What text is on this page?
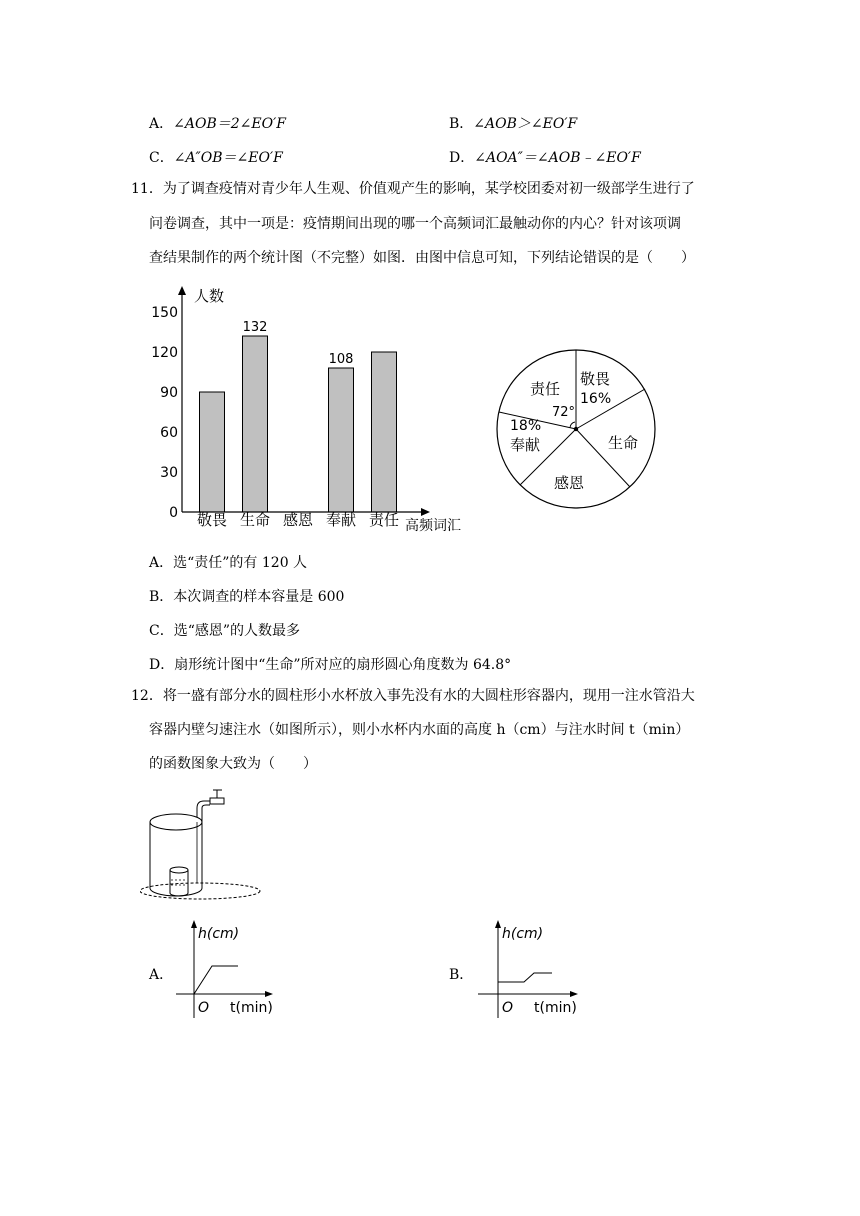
A．∠AOB＝2∠EO′F	B．∠AOB＞∠EO′F
C．∠A″OB＝∠EO′F	D．∠AOA″＝∠AOB﹣∠EO′F
11．为了调查疫情对青少年人生观、价值观产生的影响，某学校团委对初一级部学生进行了
问卷调查，其中一项是：疫情期间出现的哪一个高频词汇最触动你的内心？针对该项调
查结果制作的两个统计图（不完整）如图．由图中信息可知，下列结论错误的是（　　）
人数
高频词汇
0
30
60
90
120
150
敬畏 生命 感恩 奉献 责任
132
108
责任
72°
敬畏
16%
生命
感恩
18%
奉献
A．选“责任”的有 120 人
B．本次调查的样本容量是 600
C．选“感恩”的人数最多
D．扇形统计图中“生命”所对应的扇形圆心角度数为 64.8°
12．将一盛有部分水的圆柱形小水杯放入事先没有水的大圆柱形容器内，现用一注水管沿大
容器内壁匀速注水（如图所示），则小水杯内水面的高度 h（cm）与注水时间 t（min）
的函数图象大致为（　　）
A．
h(cm)
O t(min)
B．
h(cm)
O t(min)
